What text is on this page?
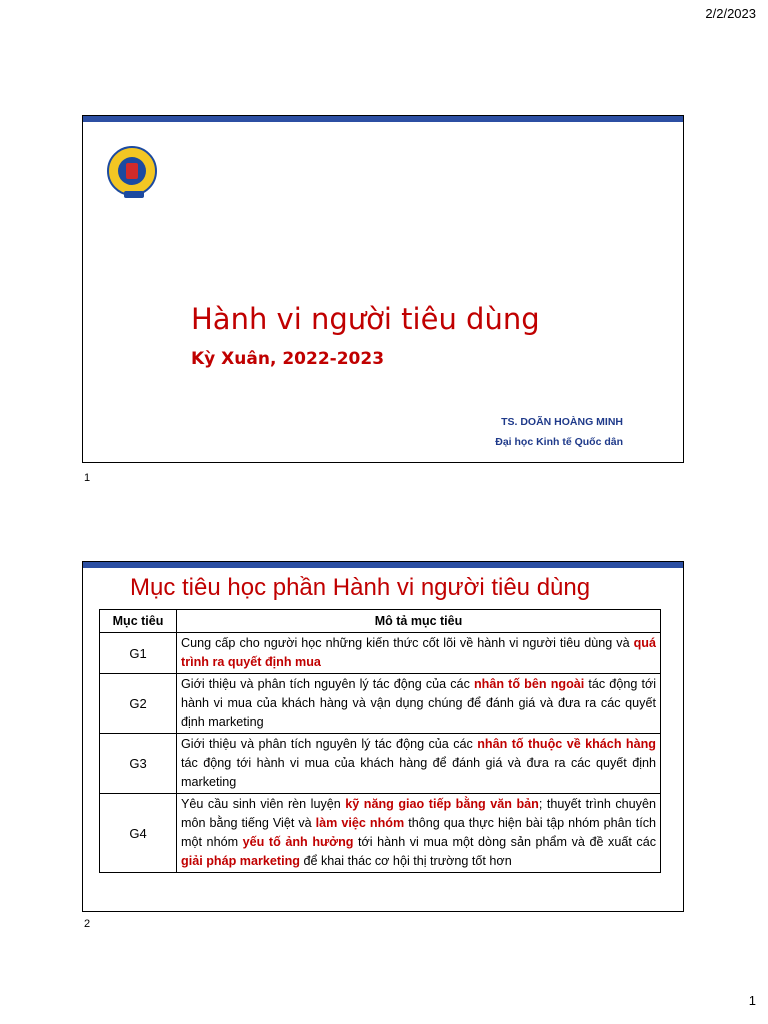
2/2/2023
Hành vi người tiêu dùng
Kỳ Xuân, 2022-2023
TS. DOÃN HOÀNG MINH
Đại học Kinh tế Quốc dân
1
Mục tiêu học phần Hành vi người tiêu dùng
Mục tiêu	Mô tả mục tiêu
G1	Cung cấp cho người học những kiến thức cốt lõi về hành vi người tiêu dùng và quá trình ra quyết định mua
G2	Giới thiệu và phân tích nguyên lý tác động của các nhân tố bên ngoài tác động tới hành vi mua của khách hàng và vận dụng chúng để đánh giá và đưa ra các quyết định marketing
G3	Giới thiệu và phân tích nguyên lý tác động của các nhân tố thuộc về khách hàng tác động tới hành vi mua của khách hàng để đánh giá và đưa ra các quyết định marketing
G4	Yêu cầu sinh viên rèn luyện kỹ năng giao tiếp bằng văn bản; thuyết trình chuyên môn bằng tiếng Việt và làm việc nhóm thông qua thực hiện bài tập nhóm phân tích một nhóm yếu tố ảnh hưởng tới hành vi mua một dòng sản phẩm và đề xuất các giải pháp marketing để khai thác cơ hội thị trường tốt hơn
2
1
